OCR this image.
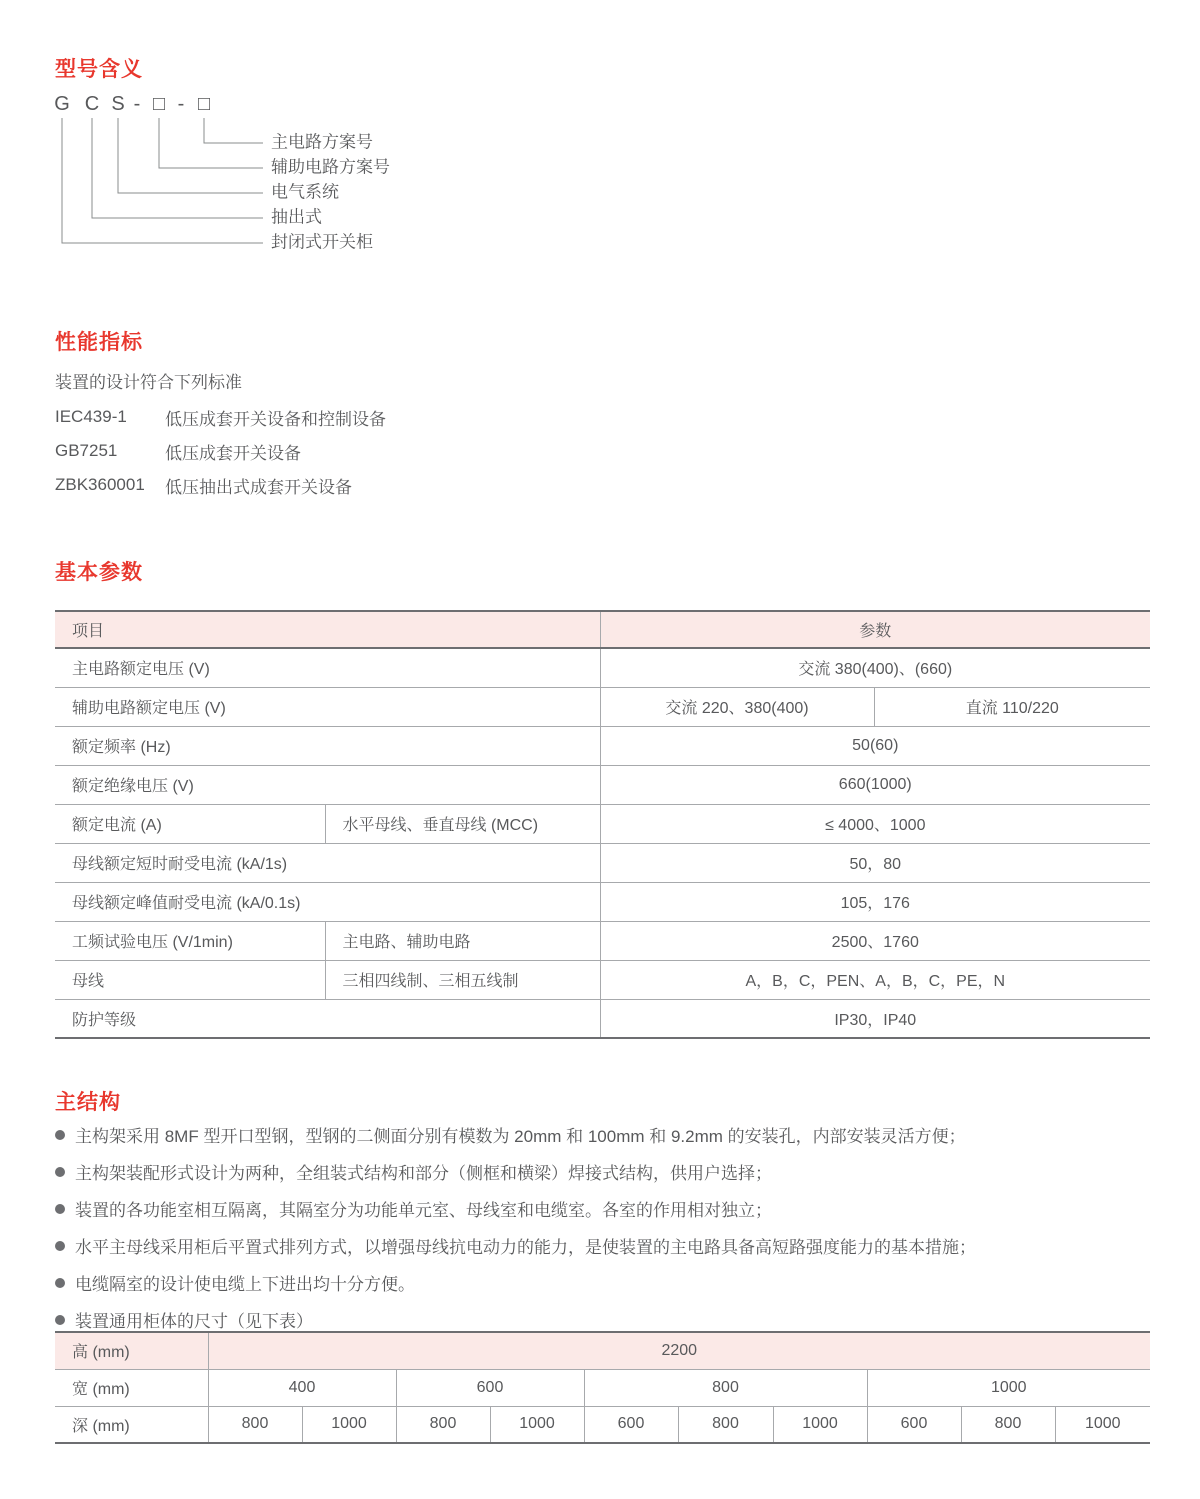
型号含义
G C S - □ - □
主电路方案号
辅助电路方案号
电气系统
抽出式
封闭式开关柜
性能指标
装置的设计符合下列标准
IEC439-1	低压成套开关设备和控制设备
GB7251	低压成套开关设备
ZBK360001	低压抽出式成套开关设备
基本参数
项目		参数	
主电路额定电压 (V)		交流 380(400)、(660)	
辅助电路额定电压 (V)		交流 220、380(400)	直流 110/220
额定频率 (Hz)		50(60)	
额定绝缘电压 (V)		660(1000)	
额定电流 (A)	水平母线、垂直母线 (MCC)	≤ 4000、1000	
母线额定短时耐受电流 (kA/1s)		50，80	
母线额定峰值耐受电流 (kA/0.1s)		105，176	
工频试验电压 (V/1min)	主电路、辅助电路	2500、1760	
母线	三相四线制、三相五线制	A，B，C，PEN、A，B，C，PE，N	
防护等级		IP30，IP40	
主结构
主构架采用 8MF 型开口型钢，型钢的二侧面分别有模数为 20mm 和 100mm 和 9.2mm 的安装孔，内部安装灵活方便；
主构架装配形式设计为两种，全组装式结构和部分（侧框和横梁）焊接式结构，供用户选择；
装置的各功能室相互隔离，其隔室分为功能单元室、母线室和电缆室。各室的作用相对独立；
水平主母线采用柜后平置式排列方式，以增强母线抗电动力的能力，是使装置的主电路具备高短路强度能力的基本措施；
电缆隔室的设计使电缆上下进出均十分方便。
装置通用柜体的尺寸（见下表）
高 (mm)	2200									
宽 (mm)	400		600		800			1000		
深 (mm)	800	1000	800	1000	600	800	1000	600	800	1000
